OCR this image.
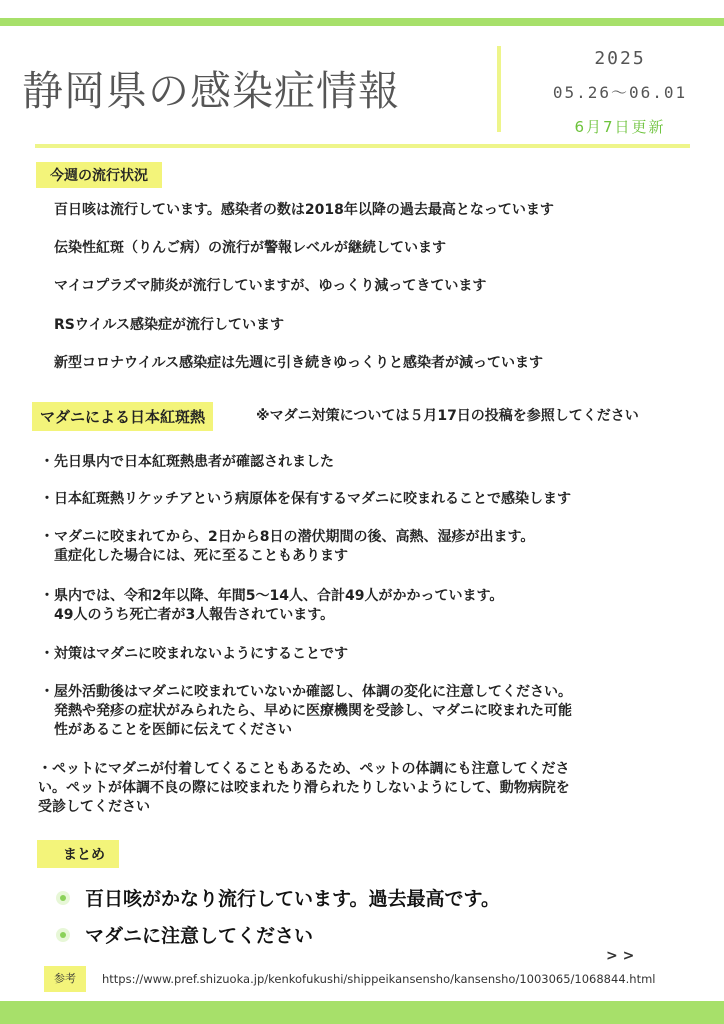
静岡県の感染症情報
2025
05.26〜06.01
6月7日更新
今週の流行状況
百日咳は流行しています。感染者の数は2018年以降の過去最高となっています
伝染性紅斑（りんご病）の流行が警報レベルが継続しています
マイコプラズマ肺炎が流行していますが、ゆっくり減ってきています
RSウイルス感染症が流行しています
新型コロナウイルス感染症は先週に引き続きゆっくりと感染者が減っています
マダニによる日本紅斑熱	※マダニ対策については５月17日の投稿を参照してください
・先日県内で日本紅斑熱患者が確認されました
・日本紅斑熱リケッチアという病原体を保有するマダニに咬まれることで感染します
・マダニに咬まれてから、2日から8日の潜伏期間の後、高熱、湿疹が出ます。
　重症化した場合には、死に至ることもあります
・県内では、令和2年以降、年間5〜14人、合計49人がかかっています。
　49人のうち死亡者が3人報告されています。
・対策はマダニに咬まれないようにすることです
・屋外活動後はマダニに咬まれていないか確認し、体調の変化に注意してください。
　発熱や発疹の症状がみられたら、早めに医療機関を受診し、マダニに咬まれた可能
　性があることを医師に伝えてください
・ペットにマダニが付着してくることもあるため、ペットの体調にも注意してくださ
い。ペットが体調不良の際には咬まれたり滑られたりしないようにして、動物病院を
受診してください
まとめ
百日咳がかなり流行しています。過去最高です。
マダニに注意してください
> >
参考	https://www.pref.shizuoka.jp/kenkofukushi/shippeikansensho/kansensho/1003065/1068844.html
